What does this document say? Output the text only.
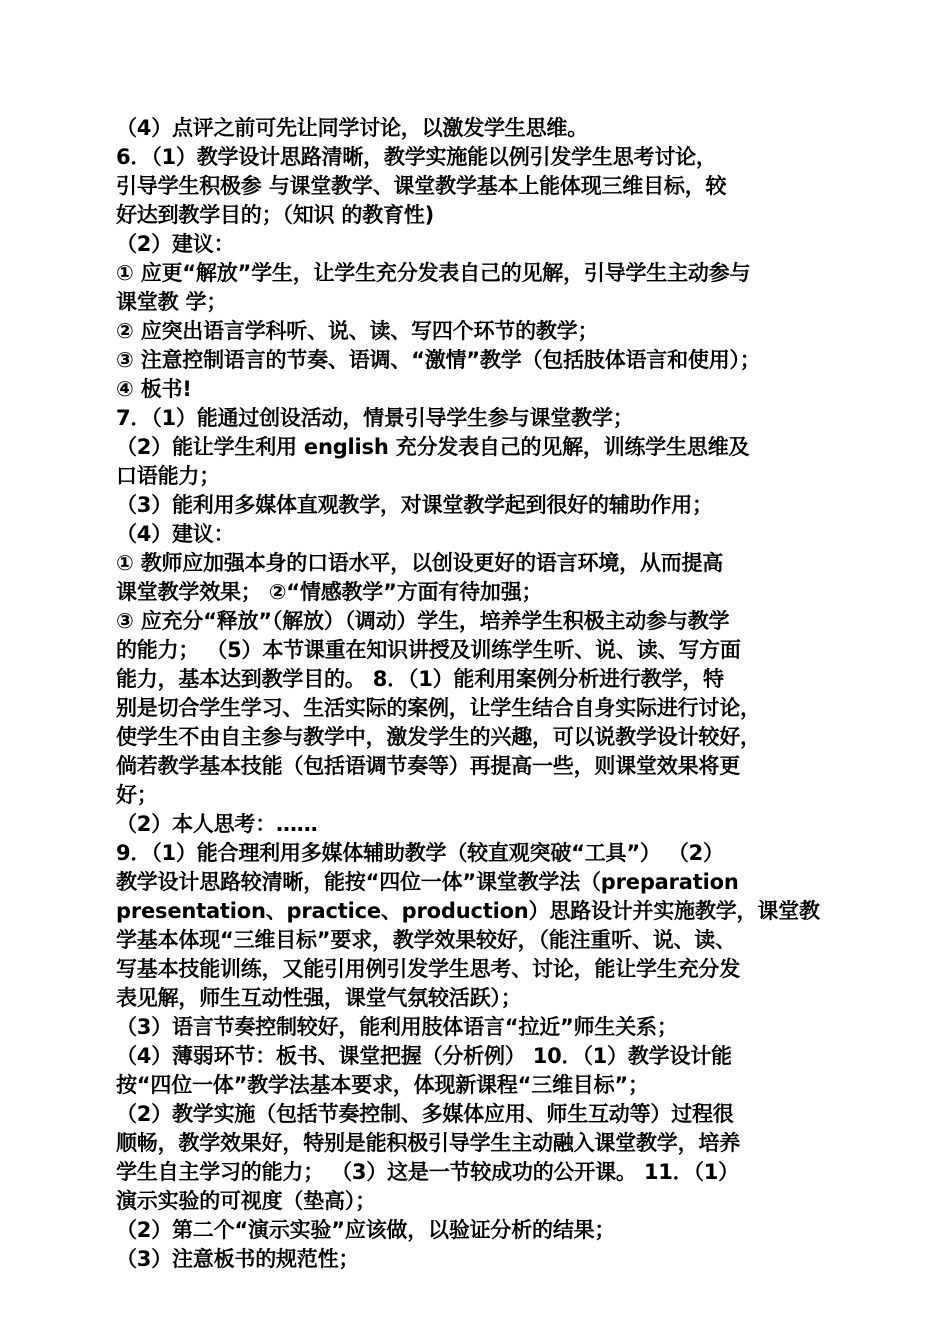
（4）点评之前可先让同学讨论，以激发学生思维。
6．（1）教学设计思路清晰，教学实施能以例引发学生思考讨论，
引导学生积极参 与课堂教学、课堂教学基本上能体现三维目标，较
好达到教学目的；（知识 的教育性)
（2）建议：
① 应更“解放”学生，让学生充分发表自己的见解，引导学生主动参与
课堂教 学；
② 应突出语言学科听、说、读、写四个环节的教学；
③ 注意控制语言的节奏、语调、“激情”教学（包括肢体语言和使用）；
④ 板书!
7．（1）能通过创设活动，情景引导学生参与课堂教学；
（2）能让学生利用 english 充分发表自己的见解，训练学生思维及
口语能力；
（3）能利用多媒体直观教学，对课堂教学起到很好的辅助作用；
（4）建议：
① 教师应加强本身的口语水平，以创设更好的语言环境，从而提高
课堂教学效果； ②“情感教学”方面有待加强；
③ 应充分“释放”（解放）（调动）学生，培养学生积极主动参与教学
的能力； （5）本节课重在知识讲授及训练学生听、说、读、写方面
能力，基本达到教学目的。 8．（1）能利用案例分析进行教学，特
别是切合学生学习、生活实际的案例，让学生结合自身实际进行讨论，
使学生不由自主参与教学中，激发学生的兴趣，可以说教学设计较好，
倘若教学基本技能（包括语调节奏等）再提高一些，则课堂效果将更
好；
（2）本人思考：……
9．（1）能合理利用多媒体辅助教学（较直观突破“工具”） （2）
教学设计思路较清晰，能按“四位一体”课堂教学法（preparation
presentation、practice、production）思路设计并实施教学，课堂教
学基本体现“三维目标”要求，教学效果较好，（能注重听、说、读、
写基本技能训练，又能引用例引发学生思考、讨论，能让学生充分发
表见解，师生互动性强，课堂气氛较活跃）；
（3）语言节奏控制较好，能利用肢体语言“拉近”师生关系；
（4）薄弱环节：板书、课堂把握（分析例） 10．（1）教学设计能
按“四位一体”教学法基本要求，体现新课程“三维目标”；
（2）教学实施（包括节奏控制、多媒体应用、师生互动等）过程很
顺畅，教学效果好，特别是能积极引导学生主动融入课堂教学，培养
学生自主学习的能力； （3）这是一节较成功的公开课。 11．（1）
演示实验的可视度（垫高）；
（2）第二个“演示实验”应该做，以验证分析的结果；
（3）注意板书的规范性；
